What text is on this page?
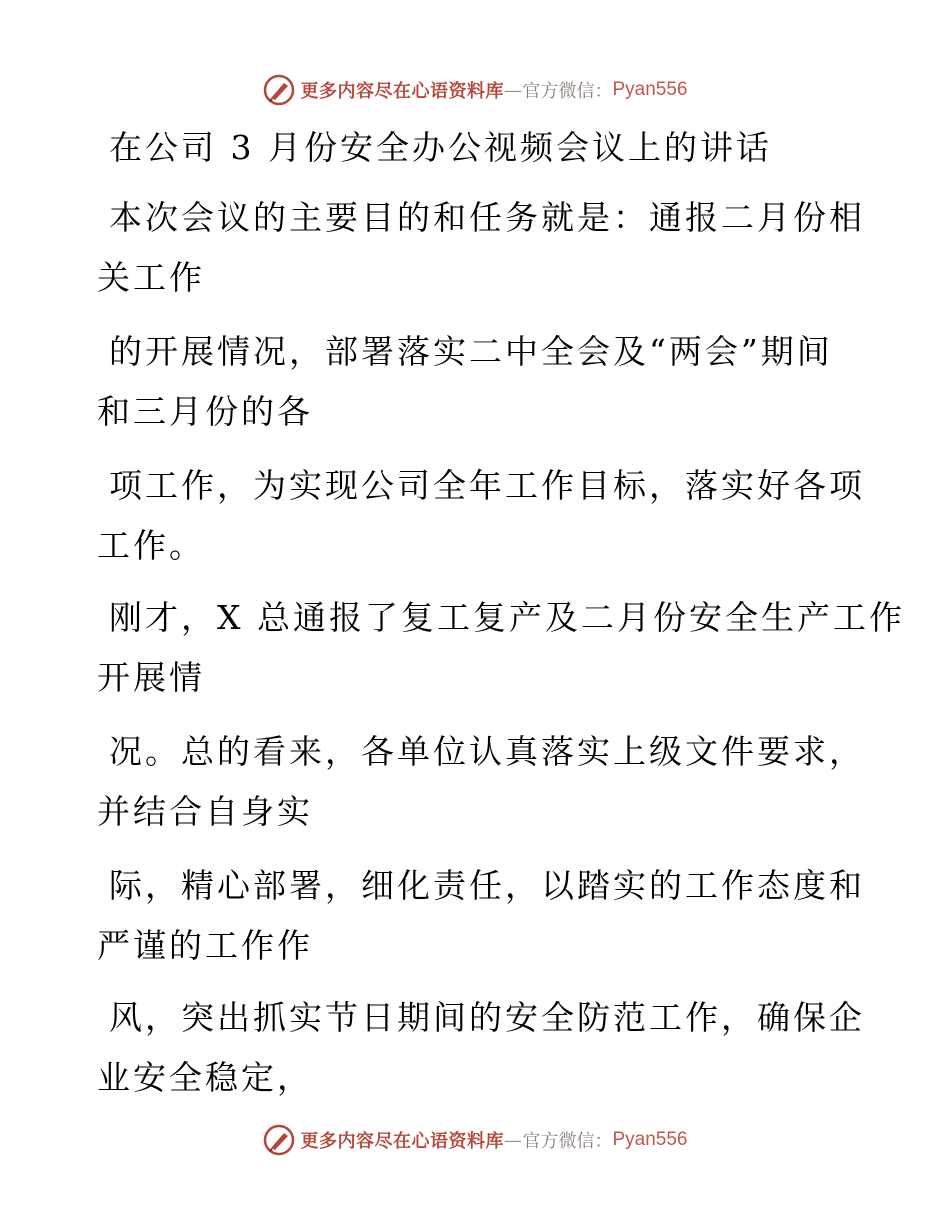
更多内容尽在心语资料库 — 官方微信： Pyan556
在公司 3 月份安全办公视频会议上的讲话
本次会议的主要目的和任务就是：通报二月份相
关工作
的开展情况，部署落实二中全会及“两会”期间
和三月份的各
项工作，为实现公司全年工作目标，落实好各项
工作。
刚才，X 总通报了复工复产及二月份安全生产工作
开展情
况。总的看来，各单位认真落实上级文件要求，
并结合自身实
际，精心部署，细化责任，以踏实的工作态度和
严谨的工作作
风，突出抓实节日期间的安全防范工作，确保企
业安全稳定，
更多内容尽在心语资料库 — 官方微信： Pyan556
